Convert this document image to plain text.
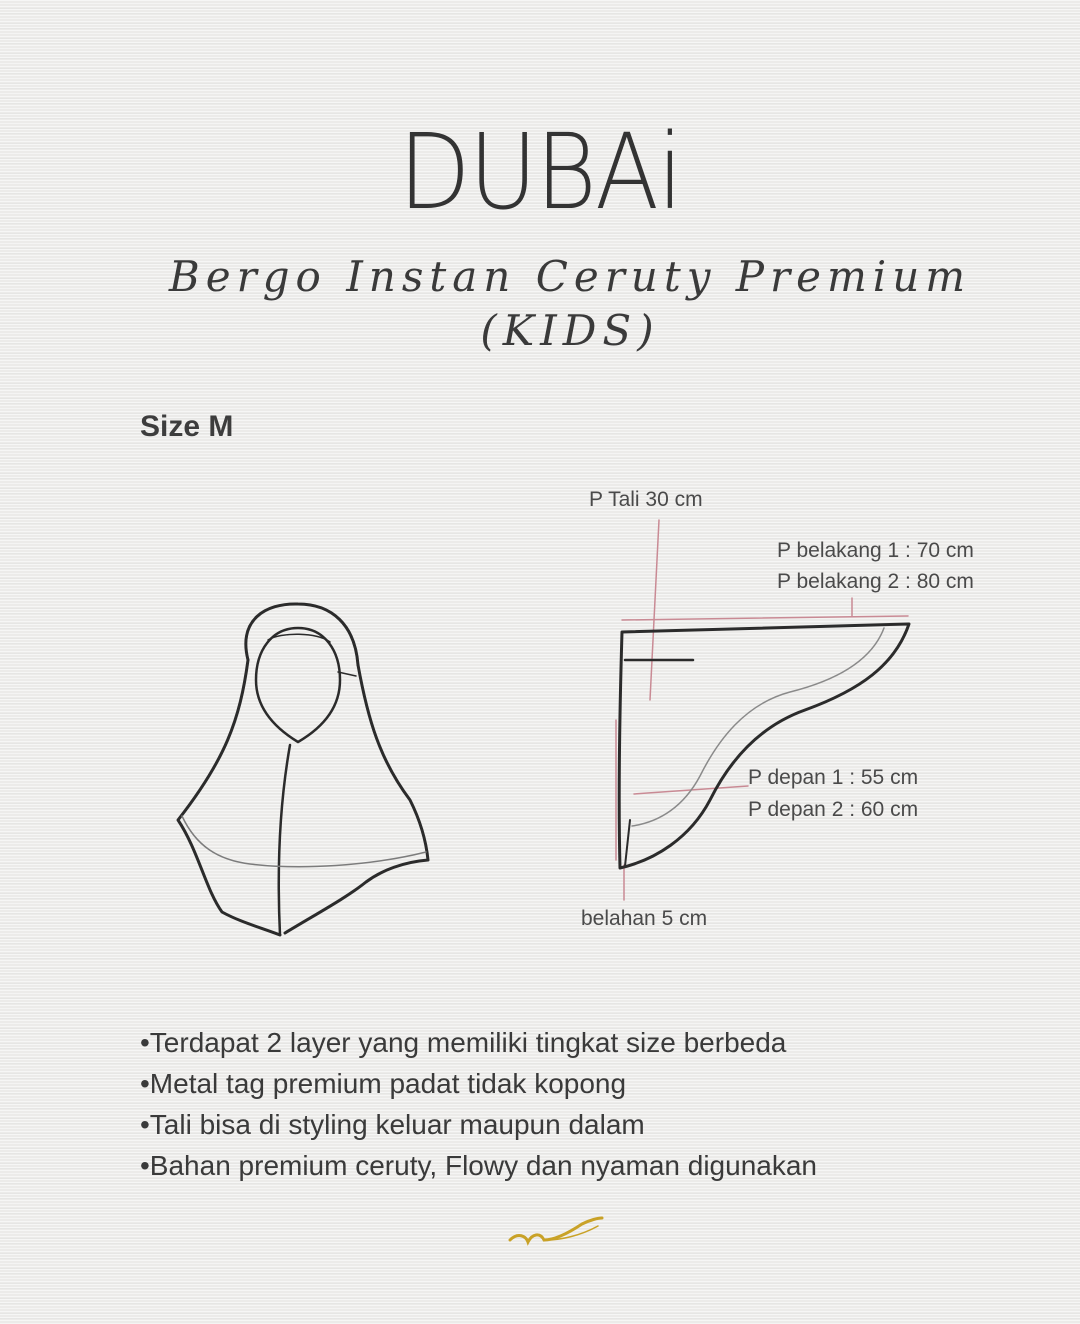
DUBAi
Bergo Instan Ceruty Premium
(KIDS)
Size M
P Tali 30 cm
P belakang 1 : 70 cm
P belakang 2 : 80 cm
P depan 1 : 55 cm
P depan 2 : 60 cm
belahan 5 cm
•Terdapat 2 layer yang memiliki tingkat size berbeda
•Metal tag premium padat tidak kopong
•Tali bisa di styling keluar maupun dalam
•Bahan premium ceruty, Flowy dan nyaman digunakan
